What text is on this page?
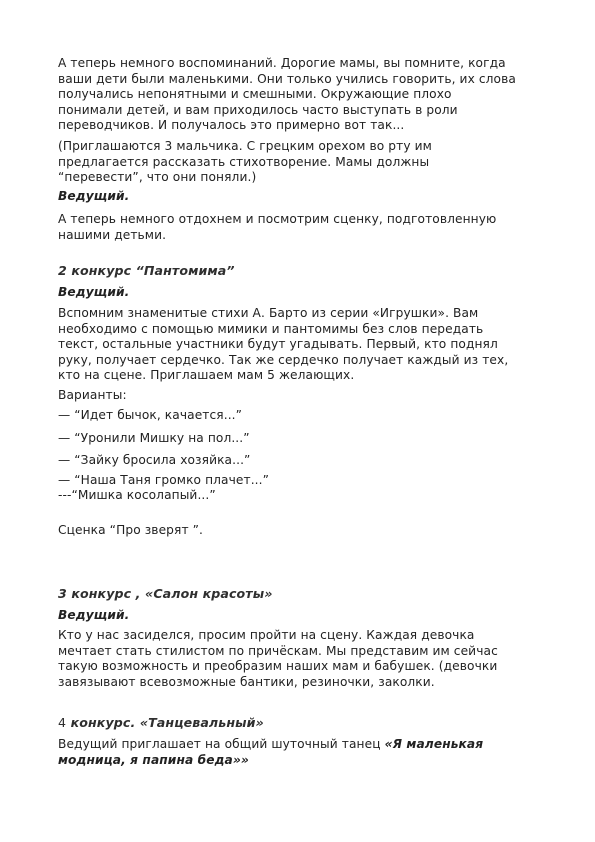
А теперь немного воспоминаний. Дорогие мамы, вы помните, когда
ваши дети были маленькими. Они только учились говорить, их слова
получались непонятными и смешными. Окружающие плохо
понимали детей, и вам приходилось часто выступать в роли
переводчиков. И получалось это примерно вот так...
(Приглашаются 3 мальчика. С грецким орехом во рту им
предлагается рассказать стихотворение. Мамы должны
“перевести”, что они поняли.)
Ведущий.
А теперь немного отдохнем и посмотрим сценку, подготовленную
нашими детьми.
2 конкурс “Пантомима”
Ведущий.
Вспомним знаменитые стихи А. Барто из серии «Игрушки». Вам
необходимо с помощью мимики и пантомимы без слов передать
текст, остальные участники будут угадывать. Первый, кто поднял
руку, получает сердечко. Так же сердечко получает каждый из тех,
кто на сцене. Приглашаем мам 5 желающих.
Варианты:
— “Идет бычок, качается...”
— “Уронили Мишку на пол...”
— “Зайку бросила хозяйка...”
— “Наша Таня громко плачет...”
---“Мишка косолапый...”
Сценка “Про зверят ”.
3 конкурс , «Салон красоты»
Ведущий.
Кто у нас засиделся, просим пройти на сцену. Каждая девочка
мечтает стать стилистом по причёскам. Мы представим им сейчас
такую возможность и преобразим наших мам и бабушек. (девочки
завязывают всевозможные бантики, резиночки, заколки.
4 конкурс. «Танцевальный»
Ведущий приглашает на общий шуточный танец «Я маленькая
модница, я папина беда»»
